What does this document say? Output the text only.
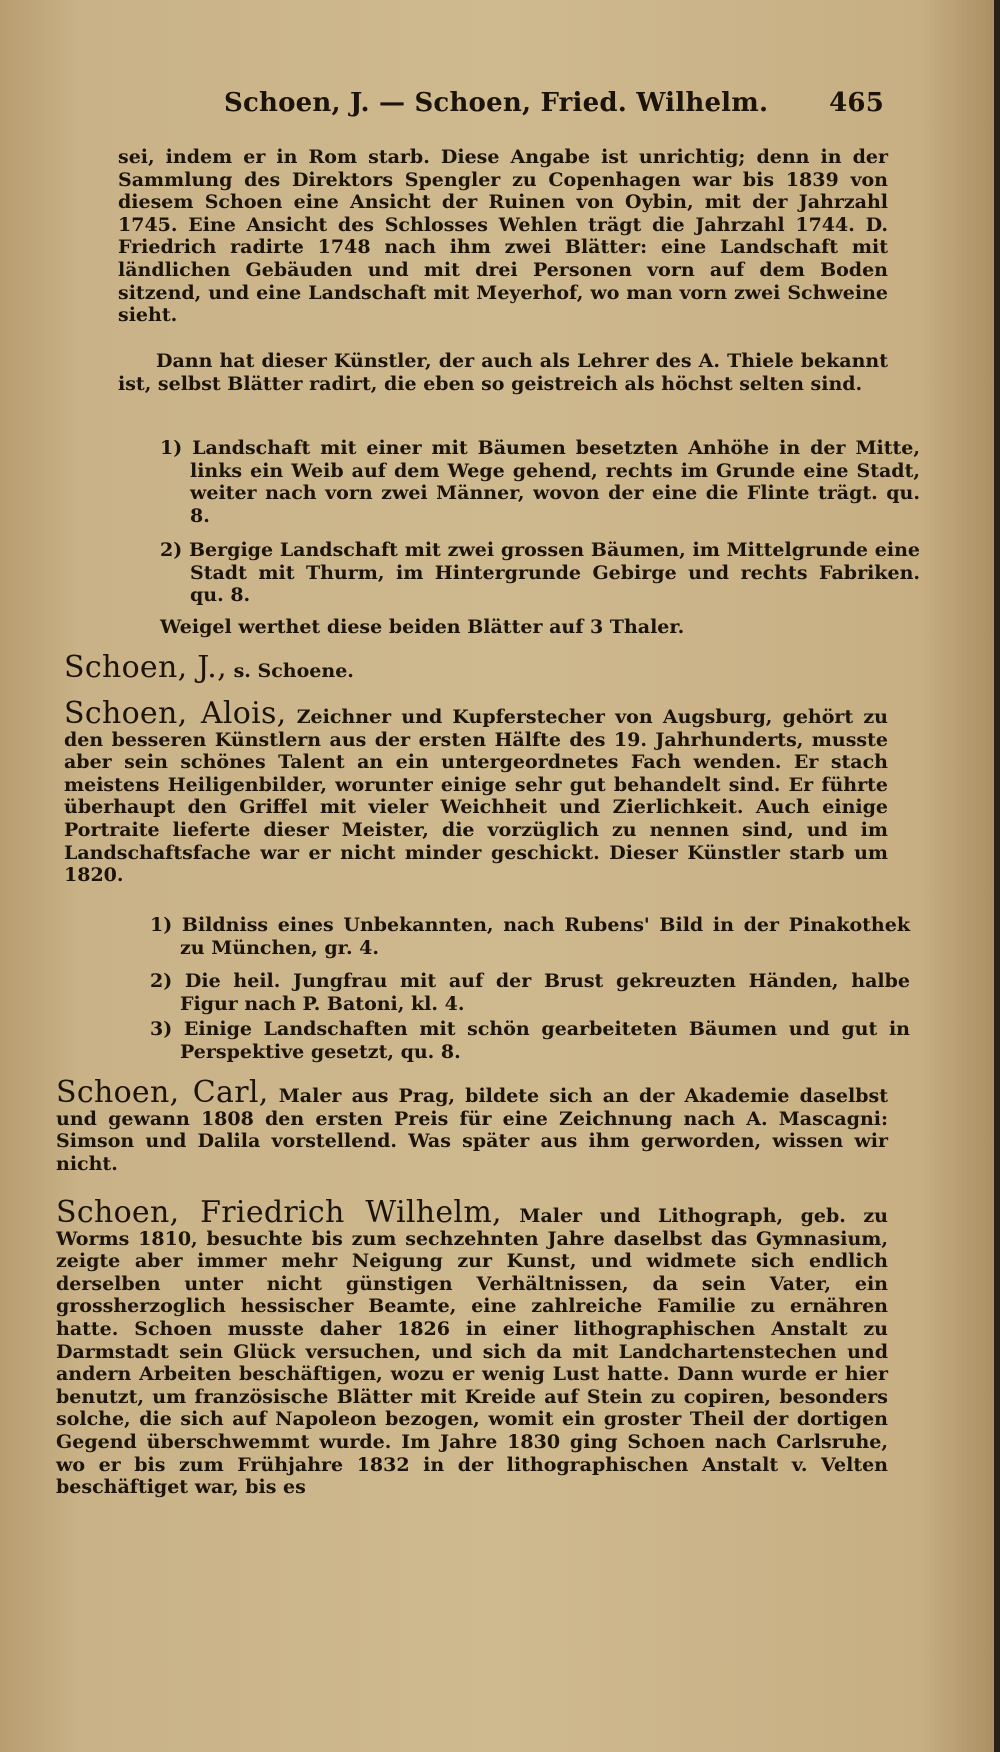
Schoen, J. — Schoen, Fried. Wilhelm. 465
sei, indem er in Rom starb. Diese Angabe ist unrichtig; denn in der Sammlung des Direktors Spengler zu Copenhagen war bis 1839 von diesem Schoen eine Ansicht der Ruinen von Oybin, mit der Jahrzahl 1745. Eine Ansicht des Schlosses Wehlen trägt die Jahrzahl 1744. D. Friedrich radirte 1748 nach ihm zwei Blätter: eine Landschaft mit ländlichen Gebäuden und mit drei Personen vorn auf dem Boden sitzend, und eine Landschaft mit Meyerhof, wo man vorn zwei Schweine sieht.
Dann hat dieser Künstler, der auch als Lehrer des A. Thiele bekannt ist, selbst Blätter radirt, die eben so geistreich als höchst selten sind.
1) Landschaft mit einer mit Bäumen besetzten Anhöhe in der Mitte, links ein Weib auf dem Wege gehend, rechts im Grunde eine Stadt, weiter nach vorn zwei Männer, wovon der eine die Flinte trägt. qu. 8.
2) Bergige Landschaft mit zwei grossen Bäumen, im Mittelgrunde eine Stadt mit Thurm, im Hintergrunde Gebirge und rechts Fabriken. qu. 8.
Weigel werthet diese beiden Blätter auf 3 Thaler.
Schoen, J., s. Schoene.
Schoen, Alois, Zeichner und Kupferstecher von Augsburg, gehört zu den besseren Künstlern aus der ersten Hälfte des 19. Jahrhunderts, musste aber sein schönes Talent an ein untergeordnetes Fach wenden. Er stach meistens Heiligenbilder, worunter einige sehr gut behandelt sind. Er führte überhaupt den Griffel mit vieler Weichheit und Zierlichkeit. Auch einige Portraite lieferte dieser Meister, die vorzüglich zu nennen sind, und im Landschaftsfache war er nicht minder geschickt. Dieser Künstler starb um 1820.
1) Bildniss eines Unbekannten, nach Rubens' Bild in der Pinakothek zu München, gr. 4.
2) Die heil. Jungfrau mit auf der Brust gekreuzten Händen, halbe Figur nach P. Batoni, kl. 4.
3) Einige Landschaften mit schön gearbeiteten Bäumen und gut in Perspektive gesetzt, qu. 8.
Schoen, Carl, Maler aus Prag, bildete sich an der Akademie daselbst und gewann 1808 den ersten Preis für eine Zeichnung nach A. Mascagni: Simson und Dalila vorstellend. Was später aus ihm gerworden, wissen wir nicht.
Schoen, Friedrich Wilhelm, Maler und Lithograph, geb. zu Worms 1810, besuchte bis zum sechzehnten Jahre daselbst das Gymnasium, zeigte aber immer mehr Neigung zur Kunst, und widmete sich endlich derselben unter nicht günstigen Verhältnissen, da sein Vater, ein grossherzoglich hessischer Beamte, eine zahlreiche Familie zu ernähren hatte. Schoen musste daher 1826 in einer lithographischen Anstalt zu Darmstadt sein Glück versuchen, und sich da mit Landchartenstechen und andern Arbeiten beschäftigen, wozu er wenig Lust hatte. Dann wurde er hier benutzt, um französische Blätter mit Kreide auf Stein zu copiren, besonders solche, die sich auf Napoleon bezogen, womit ein groster Theil der dortigen Gegend überschwemmt wurde. Im Jahre 1830 ging Schoen nach Carlsruhe, wo er bis zum Frühjahre 1832 in der lithographischen Anstalt v. Velten beschäftiget war, bis es
